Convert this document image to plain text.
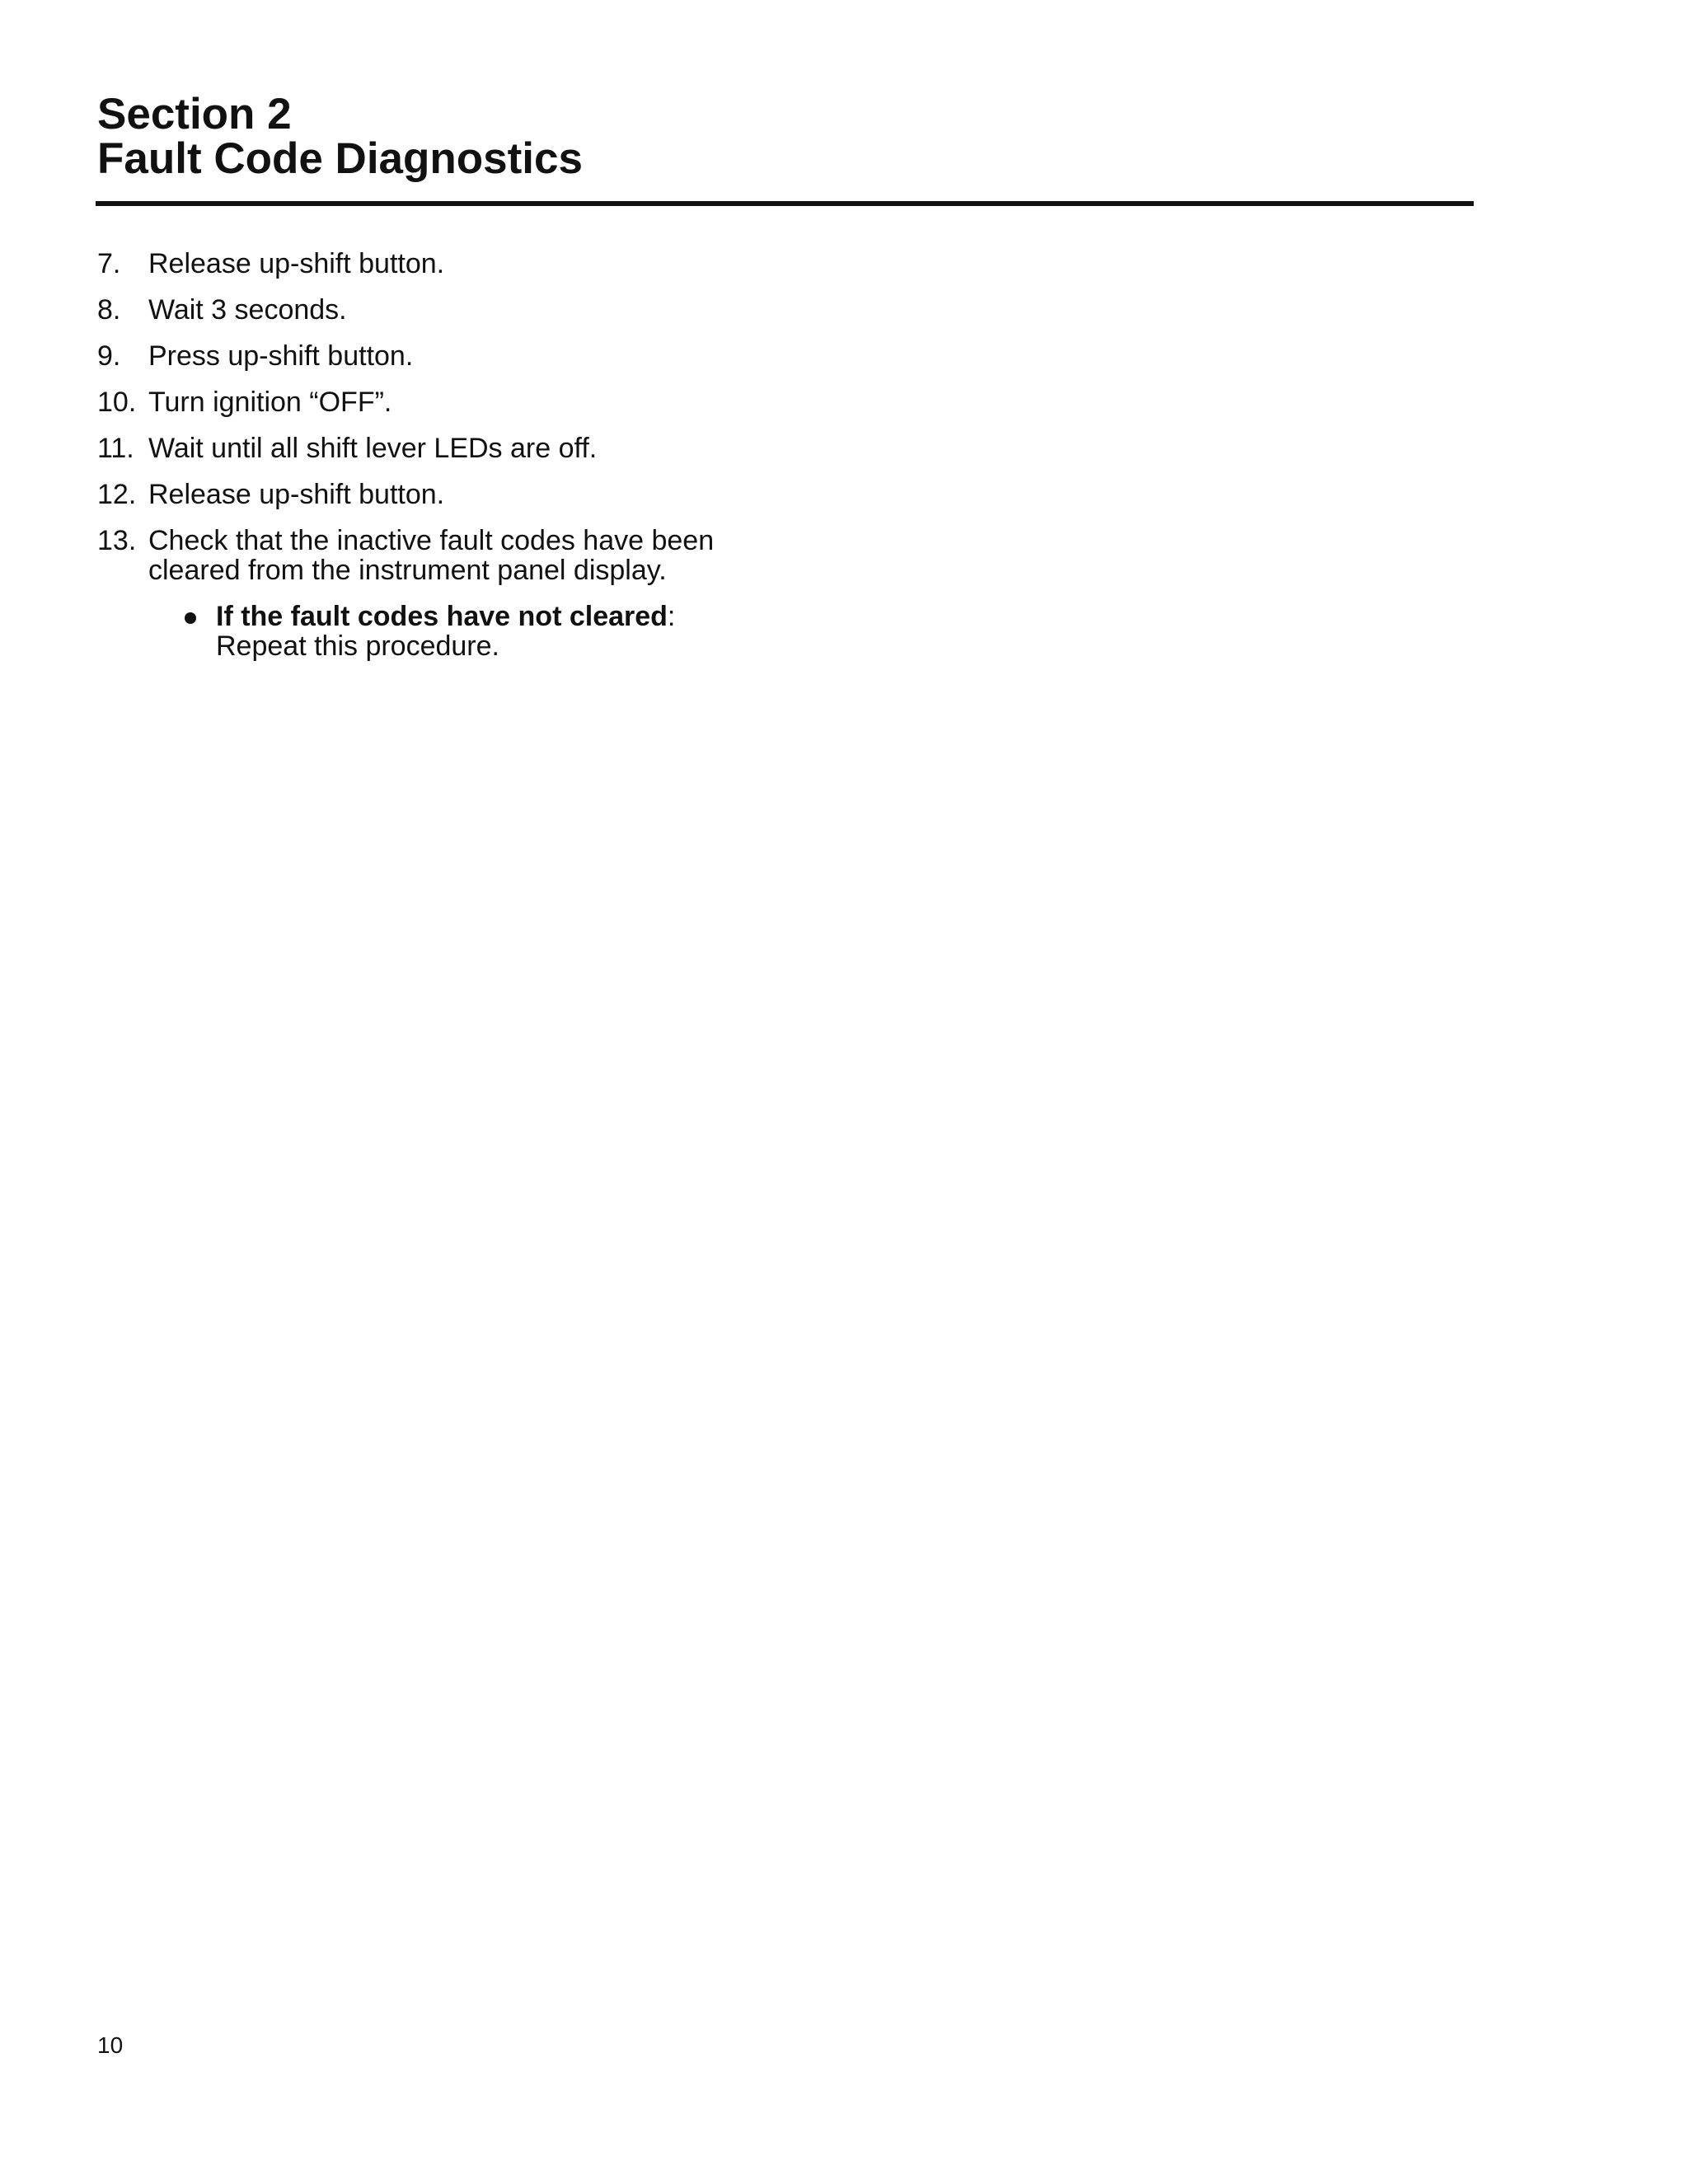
Section 2

Fault Code Diagnostics

7. Release up-shift button.
8. Wait 3 seconds.
9. Press up-shift button.
10. Turn ignition “OFF”.
11. Wait until all shift lever LEDs are off.
12. Release up-shift button.
13. Check that the inactive fault codes have been cleared from the instrument panel display.
If the fault codes have not cleared: Repeat this procedure.
10
